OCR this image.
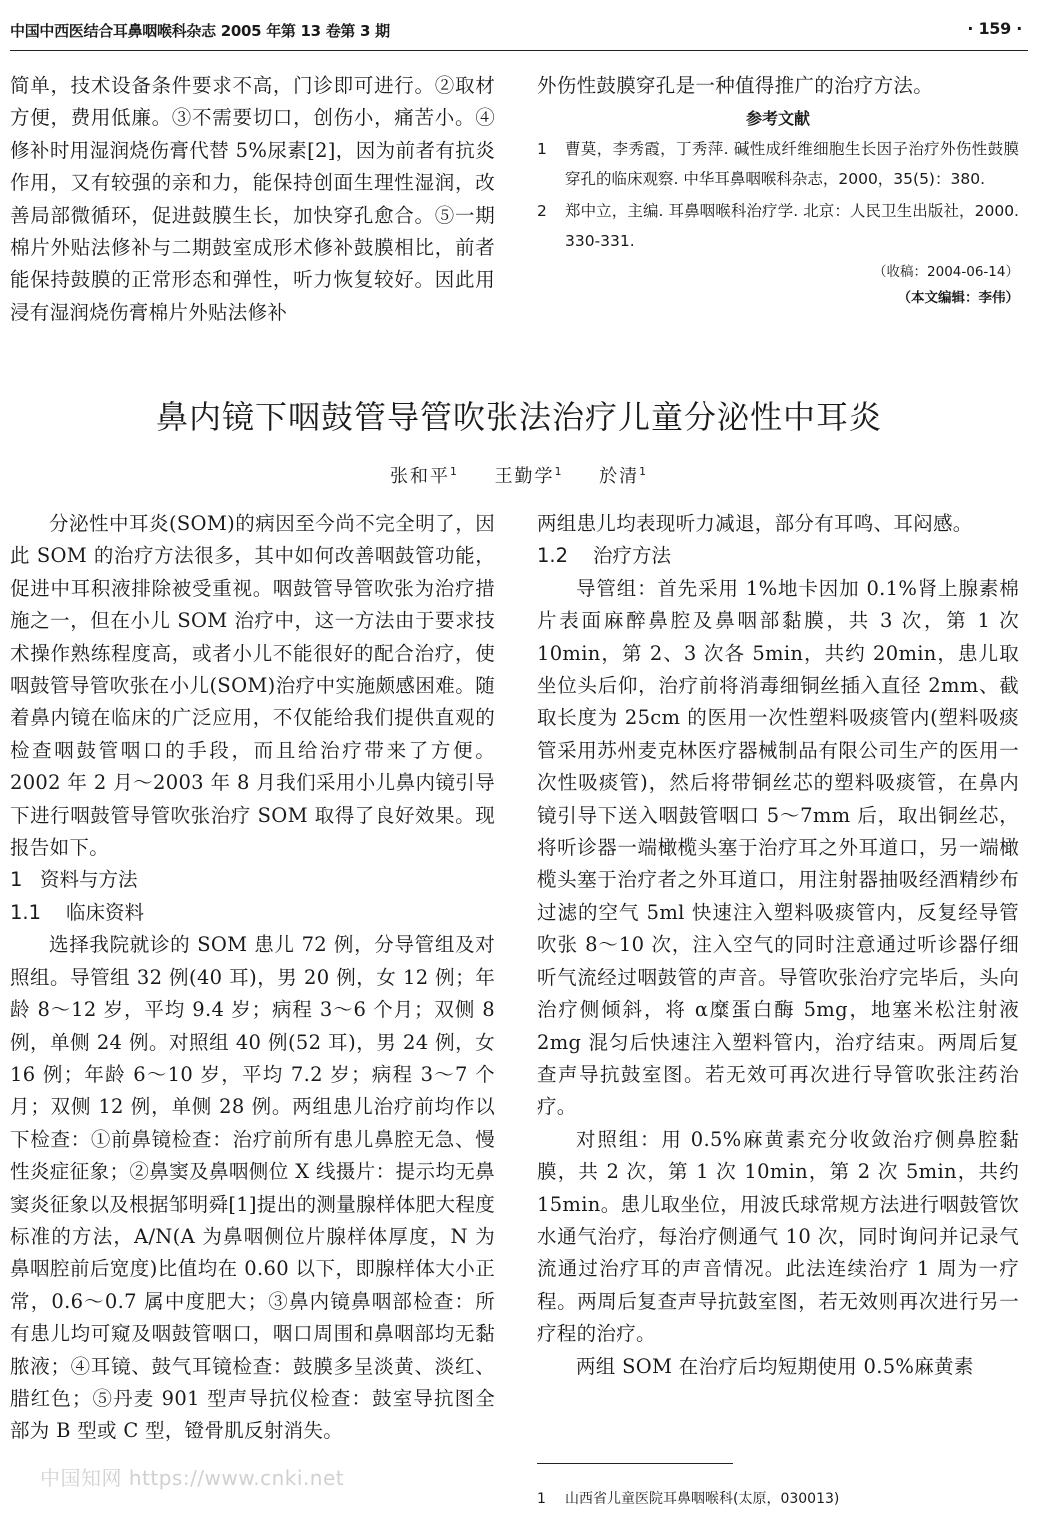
中国中西医结合耳鼻咽喉科杂志 2005 年第 13 卷第 3 期	· 159 ·

简单，技术设备条件要求不高，门诊即可进行。②取材方便，费用低廉。③不需要切口，创伤小，痛苦小。④修补时用湿润烧伤膏代替 5%尿素[2]，因为前者有抗炎作用，又有较强的亲和力，能保持创面生理性湿润，改善局部微循环，促进鼓膜生长，加快穿孔愈合。⑤一期棉片外贴法修补与二期鼓室成形术修补鼓膜相比，前者能保持鼓膜的正常形态和弹性，听力恢复较好。因此用浸有湿润烧伤膏棉片外贴法修补

外伤性鼓膜穿孔是一种值得推广的治疗方法。

参考文献
1	曹莫，李秀霞，丁秀萍. 碱性成纤维细胞生长因子治疗外伤性鼓膜穿孔的临床观察. 中华耳鼻咽喉科杂志，2000，35(5)：380.
2	郑中立，主编. 耳鼻咽喉科治疗学. 北京：人民卫生出版社，2000. 330-331.
（收稿：2004-06-14）
（本文编辑：李伟）
鼻内镜下咽鼓管导管吹张法治疗儿童分泌性中耳炎
张和平$^1$ 王勤学$^1$ 於清$^1$

分泌性中耳炎(SOM)的病因至今尚不完全明了，因此 SOM 的治疗方法很多，其中如何改善咽鼓管功能，促进中耳积液排除被受重视。咽鼓管导管吹张为治疗措施之一，但在小儿 SOM 治疗中，这一方法由于要求技术操作熟练程度高，或者小儿不能很好的配合治疗，使咽鼓管导管吹张在小儿(SOM)治疗中实施颇感困难。随着鼻内镜在临床的广泛应用，不仅能给我们提供直观的检查咽鼓管咽口的手段，而且给治疗带来了方便。2002 年 2 月～2003 年 8 月我们采用小儿鼻内镜引导下进行咽鼓管导管吹张治疗 SOM 取得了良好效果。现报告如下。

1 资料与方法
1.1 临床资料

选择我院就诊的 SOM 患儿 72 例，分导管组及对照组。导管组 32 例(40 耳)，男 20 例，女 12 例；年龄 8～12 岁，平均 9.4 岁；病程 3～6 个月；双侧 8 例，单侧 24 例。对照组 40 例(52 耳)，男 24 例，女 16 例；年龄 6～10 岁，平均 7.2 岁；病程 3～7 个月；双侧 12 例，单侧 28 例。两组患儿治疗前均作以下检查：①前鼻镜检查：治疗前所有患儿鼻腔无急、慢性炎症征象；②鼻窦及鼻咽侧位 X 线摄片：提示均无鼻窦炎征象以及根据邹明舜[1]提出的测量腺样体肥大程度标准的方法，A/N(A 为鼻咽侧位片腺样体厚度，N 为鼻咽腔前后宽度)比值均在 0.60 以下，即腺样体大小正常，0.6～0.7 属中度肥大；③鼻内镜鼻咽部检查：所有患儿均可窥及咽鼓管咽口，咽口周围和鼻咽部均无黏脓液；④耳镜、鼓气耳镜检查：鼓膜多呈淡黄、淡红、腊红色；⑤丹麦 901 型声导抗仪检查：鼓室导抗图全部为 B 型或 C 型，镫骨肌反射消失。

两组患儿均表现听力减退，部分有耳鸣、耳闷感。

1.2 治疗方法

导管组：首先采用 1%地卡因加 0.1%肾上腺素棉片表面麻醉鼻腔及鼻咽部黏膜，共 3 次，第 1 次 10min，第 2、3 次各 5min，共约 20min，患儿取坐位头后仰，治疗前将消毒细铜丝插入直径 2mm、截取长度为 25cm 的医用一次性塑料吸痰管内(塑料吸痰管采用苏州麦克林医疗器械制品有限公司生产的医用一次性吸痰管)，然后将带铜丝芯的塑料吸痰管，在鼻内镜引导下送入咽鼓管咽口 5～7mm 后，取出铜丝芯，将听诊器一端橄榄头塞于治疗耳之外耳道口，另一端橄榄头塞于治疗者之外耳道口，用注射器抽吸经酒精纱布过滤的空气 5ml 快速注入塑料吸痰管内，反复经导管吹张 8～10 次，注入空气的同时注意通过听诊器仔细听气流经过咽鼓管的声音。导管吹张治疗完毕后，头向治疗侧倾斜，将 α糜蛋白酶 5mg，地塞米松注射液 2mg 混匀后快速注入塑料管内，治疗结束。两周后复查声导抗鼓室图。若无效可再次进行导管吹张注药治疗。

对照组：用 0.5%麻黄素充分收敛治疗侧鼻腔黏膜，共 2 次，第 1 次 10min，第 2 次 5min，共约 15min。患儿取坐位，用波氏球常规方法进行咽鼓管饮水通气治疗，每治疗侧通气 10 次，同时询问并记录气流通过治疗耳的声音情况。此法连续治疗 1 周为一疗程。两周后复查声导抗鼓室图，若无效则再次进行另一疗程的治疗。

两组 SOM 在治疗后均短期使用 0.5%麻黄素

1 山西省儿童医院耳鼻咽喉科(太原，030013)
中国知网 https://www.cnki.net
